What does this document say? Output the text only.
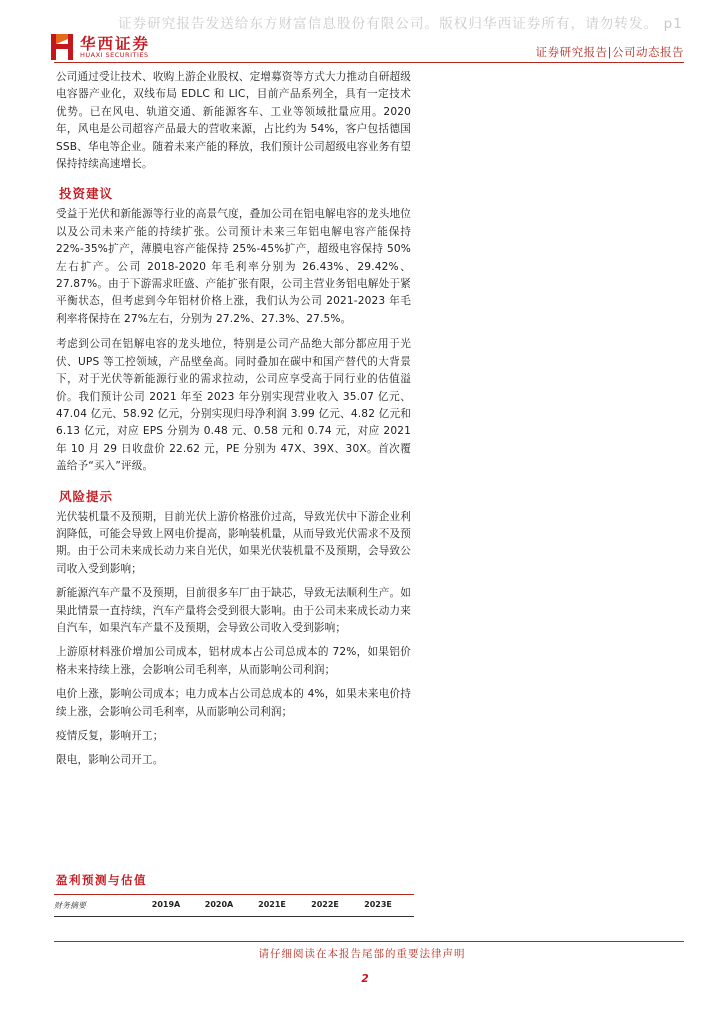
证券研究报告发送给东方财富信息股份有限公司。版权归华西证券所有，请勿转发。 p1
华西证券
HUAXI SECURITIES	证券研究报告|公司动态报告

公司通过受让技术、收购上游企业股权、定增募资等方式大力推动自研超级电容器产业化，双线布局 EDLC 和 LIC，目前产品系列全，具有一定技术优势。已在风电、轨道交通、新能源客车、工业等领域批量应用。2020 年，风电是公司超容产品最大的营收来源，占比约为 54%，客户包括德国 SSB、华电等企业。随着未来产能的释放，我们预计公司超级电容业务有望保持持续高速增长。

投资建议

受益于光伏和新能源等行业的高景气度，叠加公司在铝电解电容的龙头地位以及公司未来产能的持续扩张。公司预计未来三年铝电解电容产能保持 22%-35%扩产，薄膜电容产能保持 25%-45%扩产，超级电容保持 50%左右扩产。公司 2018-2020 年毛利率分别为 26.43%、29.42%、27.87%。由于下游需求旺盛、产能扩张有限，公司主营业务铝电解处于紧平衡状态，但考虑到今年铝材价格上涨，我们认为公司 2021-2023 年毛利率将保持在 27%左右，分别为 27.2%、27.3%、27.5%。

考虑到公司在铝解电容的龙头地位，特别是公司产品绝大部分都应用于光伏、UPS 等工控领域，产品壁垒高。同时叠加在碳中和国产替代的大背景下，对于光伏等新能源行业的需求拉动，公司应享受高于同行业的估值溢价。我们预计公司 2021 年至 2023 年分别实现营业收入 35.07 亿元、47.04 亿元、58.92 亿元，分别实现归母净利润 3.99 亿元、4.82 亿元和 6.13 亿元，对应 EPS 分别为 0.48 元、0.58 元和 0.74 元，对应 2021 年 10 月 29 日收盘价 22.62 元，PE 分别为 47X、39X、30X。首次覆盖给予“买入”评级。

风险提示

光伏装机量不及预期，目前光伏上游价格涨价过高，导致光伏中下游企业利润降低，可能会导致上网电价提高，影响装机量，从而导致光伏需求不及预期。由于公司未来成长动力来自光伏，如果光伏装机量不及预期，会导致公司收入受到影响；

新能源汽车产量不及预期，目前很多车厂由于缺芯，导致无法顺利生产。如果此情景一直持续，汽车产量将会受到很大影响。由于公司未来成长动力来自汽车，如果汽车产量不及预期，会导致公司收入受到影响；

上游原材料涨价增加公司成本，铝材成本占公司总成本的 72%，如果铝价格未来持续上涨，会影响公司毛利率，从而影响公司利润；

电价上涨，影响公司成本；电力成本占公司总成本的 4%，如果未来电价持续上涨，会影响公司毛利率，从而影响公司利润；

疫情反复，影响开工；

限电，影响公司开工。

盈利预测与估值
财务摘要	2019A	2020A	2021E	2022E	2023E
请仔细阅读在本报告尾部的重要法律声明
2
